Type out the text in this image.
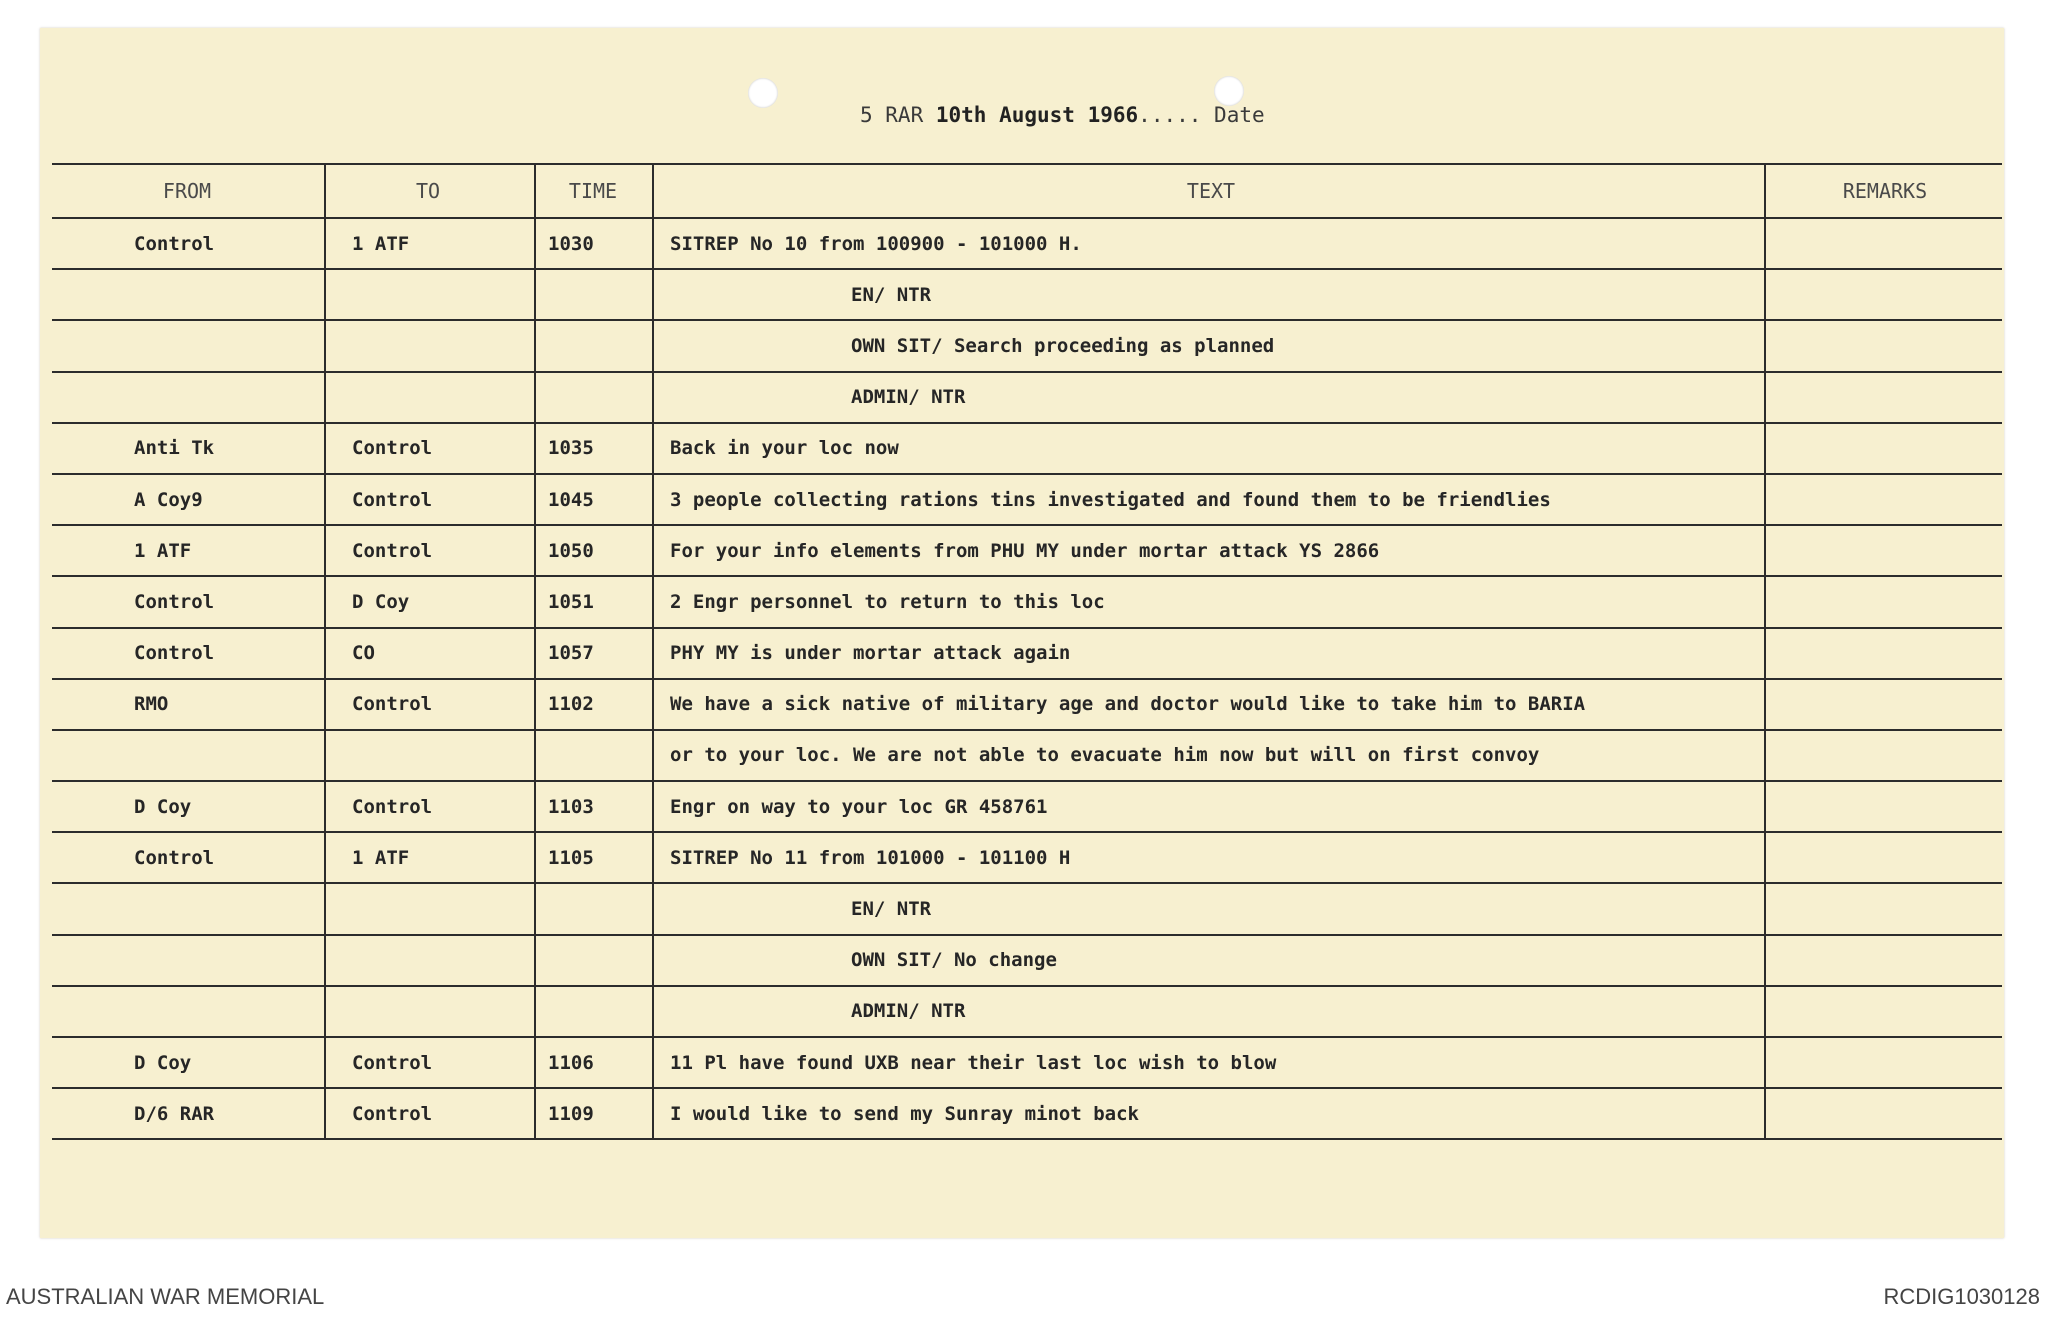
5 RAR 10th August 1966..... Date
FROM	TO	TIME	TEXT	REMARKS
Control	1 ATF	1030	SITREP No 10 from 100900 - 101000 H.
EN/ NTR
OWN SIT/ Search proceeding as planned
ADMIN/ NTR
Anti Tk	Control	1035	Back in your loc now
A Coy9	Control	1045	3 people collecting rations tins investigated and found them to be friendlies
1 ATF	Control	1050	For your info elements from PHU MY under mortar attack YS 2866
Control	D Coy	1051	2 Engr personnel to return to this loc
Control	CO	1057	PHY MY is under mortar attack again
RMO	Control	1102	We have a sick native of military age and doctor would like to take him to BARIA
or to your loc. We are not able to evacuate him now but will on first convoy
D Coy	Control	1103	Engr on way to your loc GR 458761
Control	1 ATF	1105	SITREP No 11 from 101000 - 101100 H
EN/ NTR
OWN SIT/ No change
ADMIN/ NTR
D Coy	Control	1106	11 Pl have found UXB near their last loc wish to blow
D/6 RAR	Control	1109	I would like to send my Sunray minot back
AUSTRALIAN WAR MEMORIAL	RCDIG1030128
